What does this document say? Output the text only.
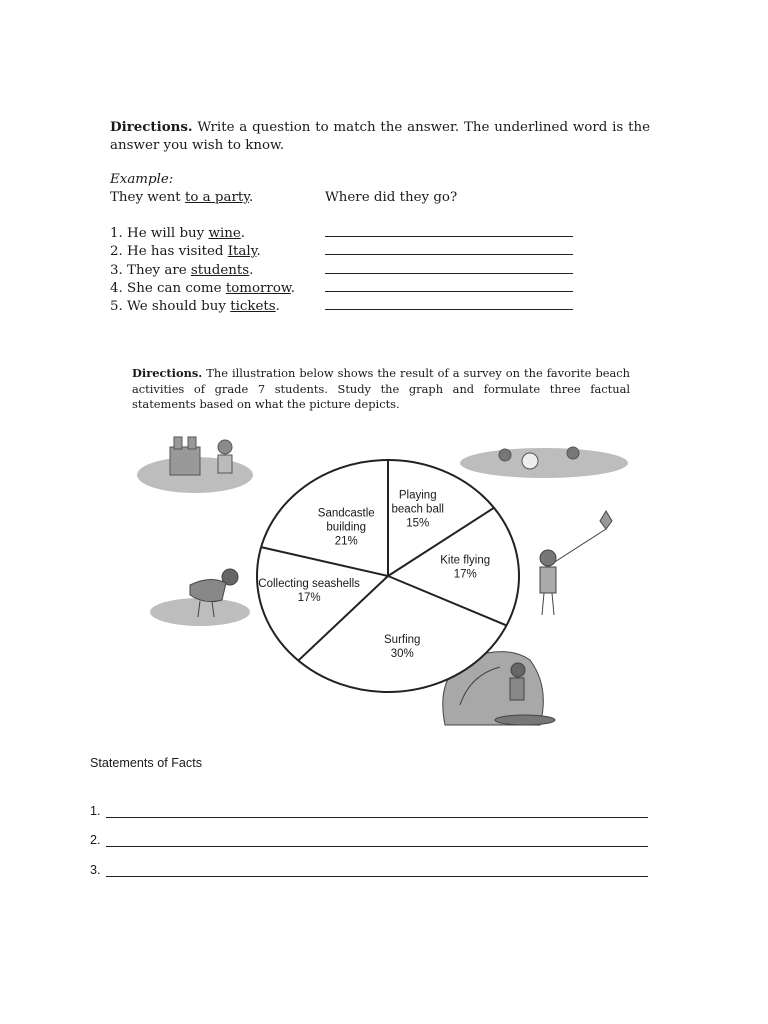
Directions. Write a question to match the answer. The underlined word is the answer you wish to know.

Example:
They went to a party.	Where did they go?
1. He will buy wine.
2. He has visited Italy.
3. They are students.
4. She can come tomorrow.
5. We should buy tickets.
Directions. The illustration below shows the result of a survey on the favorite beach activities of grade 7 students. Study the graph and formulate three factual statements based on what the picture depicts.
Playing beach ball 15%
Kite flying 17%
Surfing 30%
Collecting seashells 17%
Sandcastle building 21%
Statements of Facts
1.
2.
3.
